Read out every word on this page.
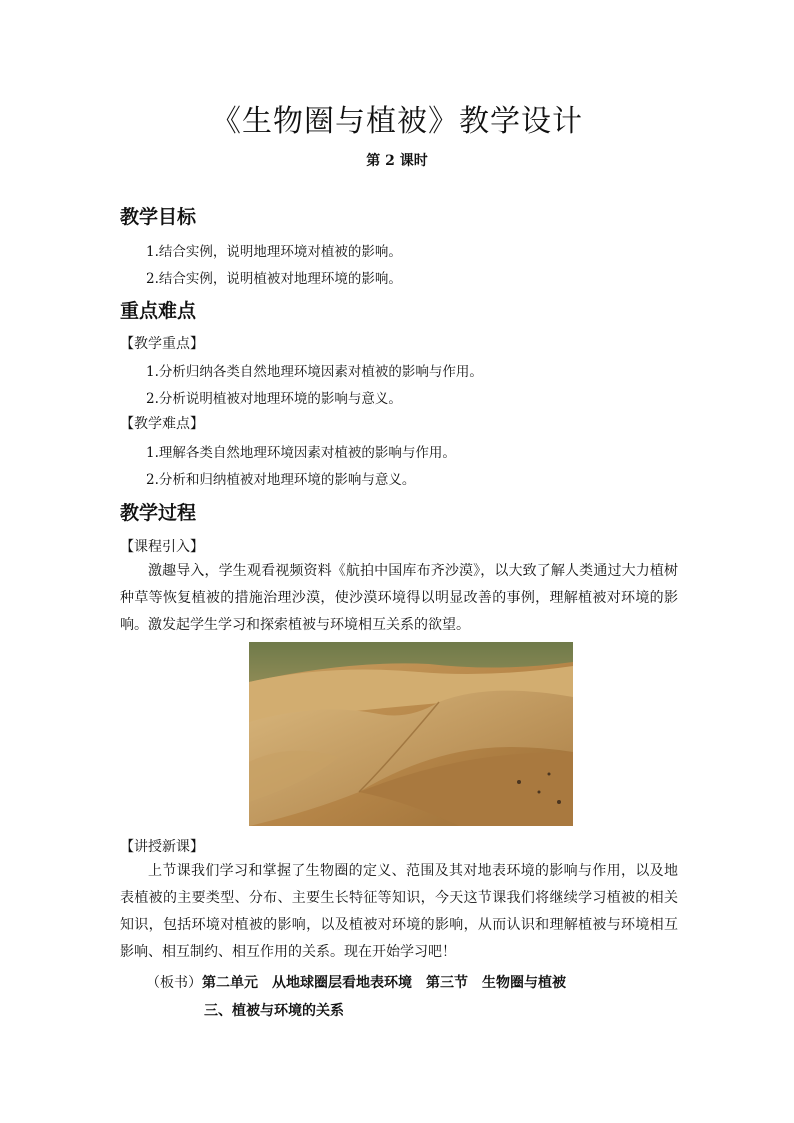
《生物圈与植被》教学设计
第 2 课时
教学目标
1.结合实例，说明地理环境对植被的影响。
2.结合实例，说明植被对地理环境的影响。
重点难点
【教学重点】
1.分析归纳各类自然地理环境因素对植被的影响与作用。
2.分析说明植被对地理环境的影响与意义。
【教学难点】
1.理解各类自然地理环境因素对植被的影响与作用。
2.分析和归纳植被对地理环境的影响与意义。
教学过程
【课程引入】
激趣导入，学生观看视频资料《航拍中国库布齐沙漠》，以大致了解人类通过大力植树种草等恢复植被的措施治理沙漠，使沙漠环境得以明显改善的事例，理解植被对环境的影响。激发起学生学习和探索植被与环境相互关系的欲望。
【讲授新课】
上节课我们学习和掌握了生物圈的定义、范围及其对地表环境的影响与作用，以及地表植被的主要类型、分布、主要生长特征等知识，今天这节课我们将继续学习植被的相关知识，包括环境对植被的影响，以及植被对环境的影响，从而认识和理解植被与环境相互影响、相互制约、相互作用的关系。现在开始学习吧！
（板书）第二单元　从地球圈层看地表环境　第三节　生物圈与植被
三、植被与环境的关系
